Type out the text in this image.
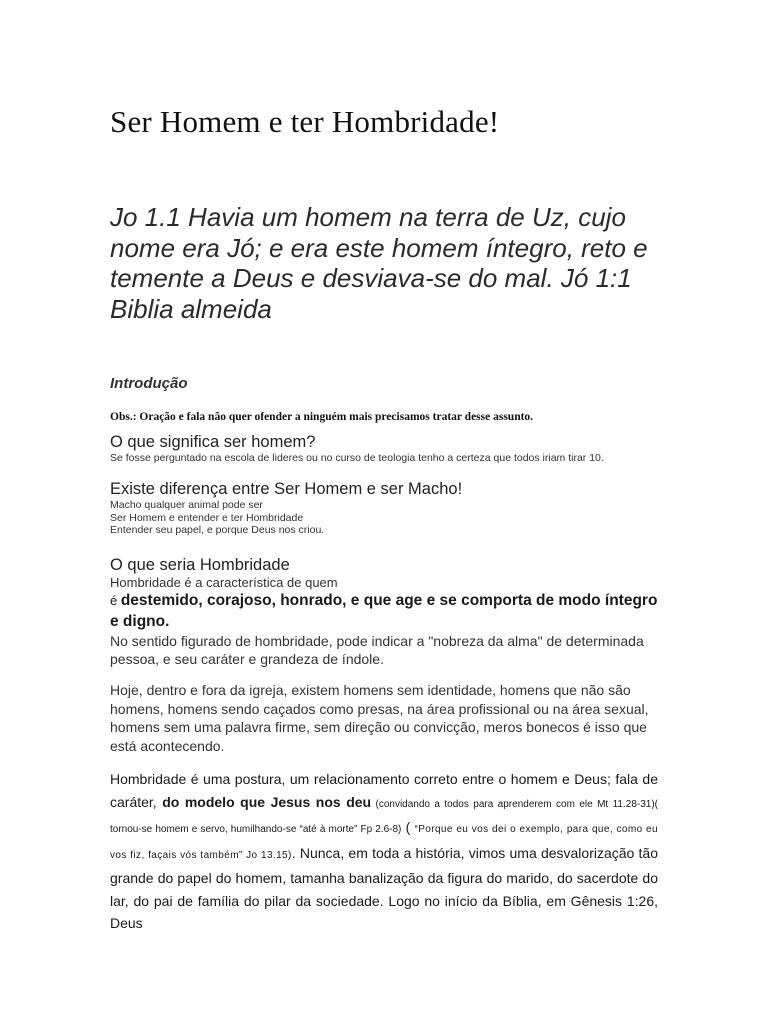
Ser Homem e ter Hombridade!

Jo 1.1 Havia um homem na terra de Uz, cujo nome era Jó; e era este homem íntegro, reto e temente a Deus e desviava-se do mal. Jó 1:1 Biblia almeida

Introdução

Obs.: Oração e fala não quer ofender a ninguém mais precisamos tratar desse assunto.

O que significa ser homem?

Se fosse perguntado na escola de lideres ou no curso de teologia tenho a certeza que todos iriam tirar 10.

Existe diferença entre Ser Homem e ser Macho!

Macho qualquer animal pode ser

Ser Homem e entender e ter Hombridade

Entender seu papel, e porque Deus nos criou.

O que seria Hombridade

Hombridade é a característica de quem

é destemido, corajoso, honrado, e que age e se comporta de modo íntegro e digno.

No sentido figurado de hombridade, pode indicar a "nobreza da alma" de determinada pessoa, e seu caráter e grandeza de índole.

Hoje, dentro e fora da igreja, existem homens sem identidade, homens que não são homens, homens sendo caçados como presas, na área profissional ou na área sexual, homens sem uma palavra firme, sem direção ou convicção, meros bonecos é isso que está acontecendo.

Hombridade é uma postura, um relacionamento correto entre o homem e Deus; fala de caráter, do modelo que Jesus nos deu (convidando a todos para aprenderem com ele Mt 11.28-31)( tornou-se homem e servo, humilhando-se “até à morte” Fp 2.6-8) ( “Porque eu vos dei o exemplo, para que, como eu vos fiz, façais vós também” Jo 13.15). Nunca, em toda a história, vimos uma desvalorização tão grande do papel do homem, tamanha banalização da figura do marido, do sacerdote do lar, do pai de família do pilar da sociedade. Logo no início da Bíblia, em Gênesis 1:26, Deus
